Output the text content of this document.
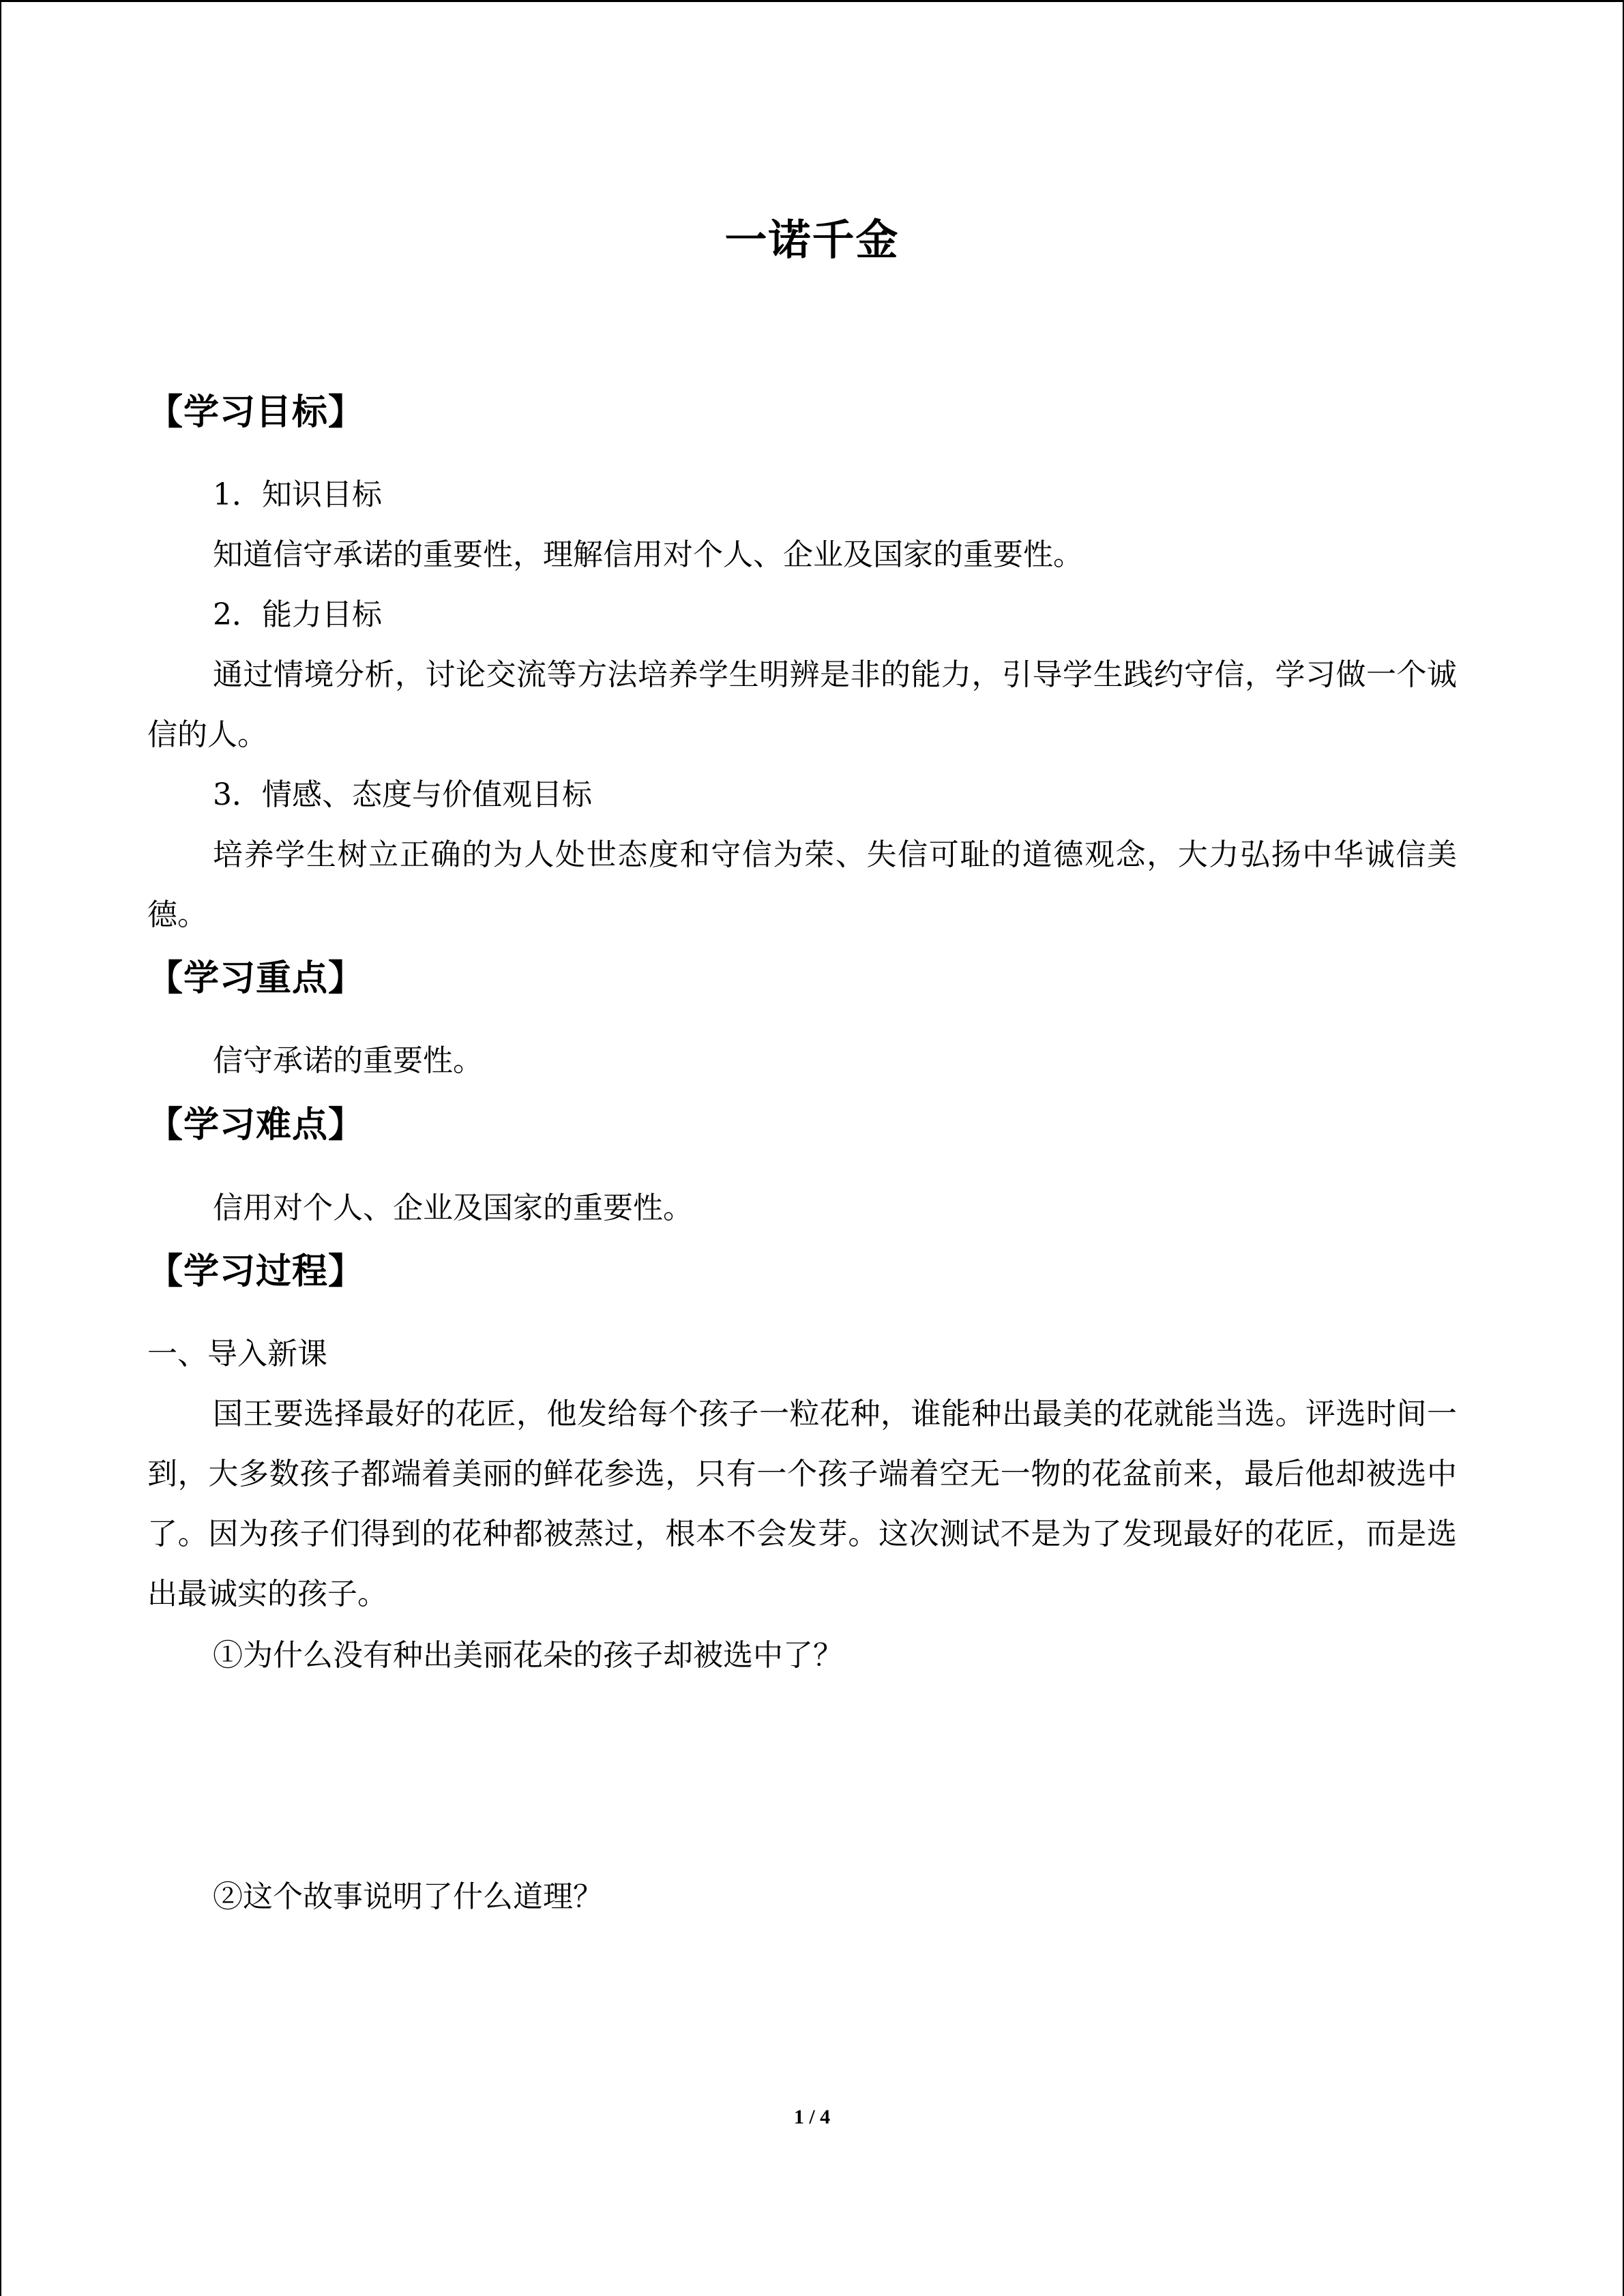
一诺千金
【学习目标】
1．知识目标
知道信守承诺的重要性，理解信用对个人、企业及国家的重要性。
2．能力目标
通过情境分析，讨论交流等方法培养学生明辨是非的能力，引导学生践约守信，学习做一个诚信的人。
3．情感、态度与价值观目标
培养学生树立正确的为人处世态度和守信为荣、失信可耻的道德观念，大力弘扬中华诚信美德。
【学习重点】
信守承诺的重要性。
【学习难点】
信用对个人、企业及国家的重要性。
【学习过程】
一、导入新课
国王要选择最好的花匠，他发给每个孩子一粒花种，谁能种出最美的花就能当选。评选时间一到，大多数孩子都端着美丽的鲜花参选，只有一个孩子端着空无一物的花盆前来，最后他却被选中了。因为孩子们得到的花种都被蒸过，根本不会发芽。这次测试不是为了发现最好的花匠，而是选出最诚实的孩子。
①为什么没有种出美丽花朵的孩子却被选中了？
②这个故事说明了什么道理？
1 / 4
